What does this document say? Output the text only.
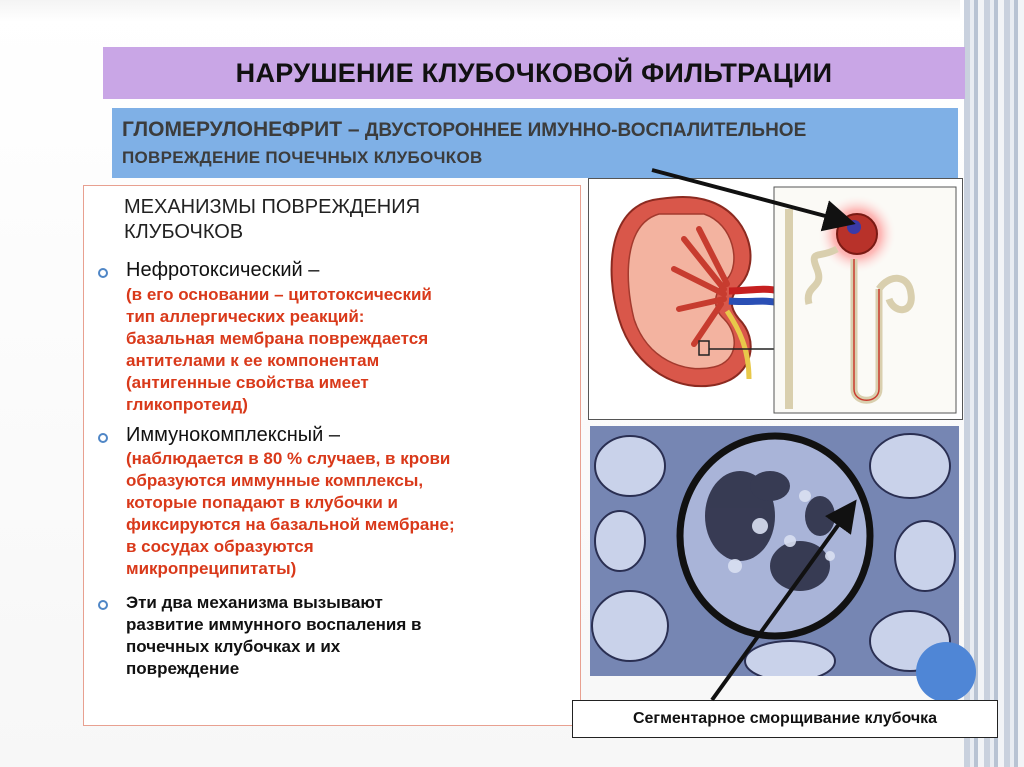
НАРУШЕНИЕ КЛУБОЧКОВОЙ ФИЛЬТРАЦИИ
ГЛОМЕРУЛОНЕФРИТ – ДВУСТОРОННЕЕ ИМУННО-ВОСПАЛИТЕЛЬНОЕ
ПОВРЕЖДЕНИЕ ПОЧЕЧНЫХ КЛУБОЧКОВ
МЕХАНИЗМЫ ПОВРЕЖДЕНИЯ
КЛУБОЧКОВ
Нефротоксический –
(в его основании – цитотоксический
тип аллергических реакций:
базальная мембрана повреждается
антителами к ее компонентам
(антигенные свойства имеет
гликопротеид)
Иммунокомплексный –
(наблюдается в 80 % случаев, в крови
образуются иммунные комплексы,
которые попадают в клубочки и
фиксируются на базальной мембране;
в сосудах образуются
микропреципитаты)
Эти два механизма вызывают
развитие иммунного воспаления в
почечных клубочках и их
повреждение
Сегментарное сморщивание клубочка
